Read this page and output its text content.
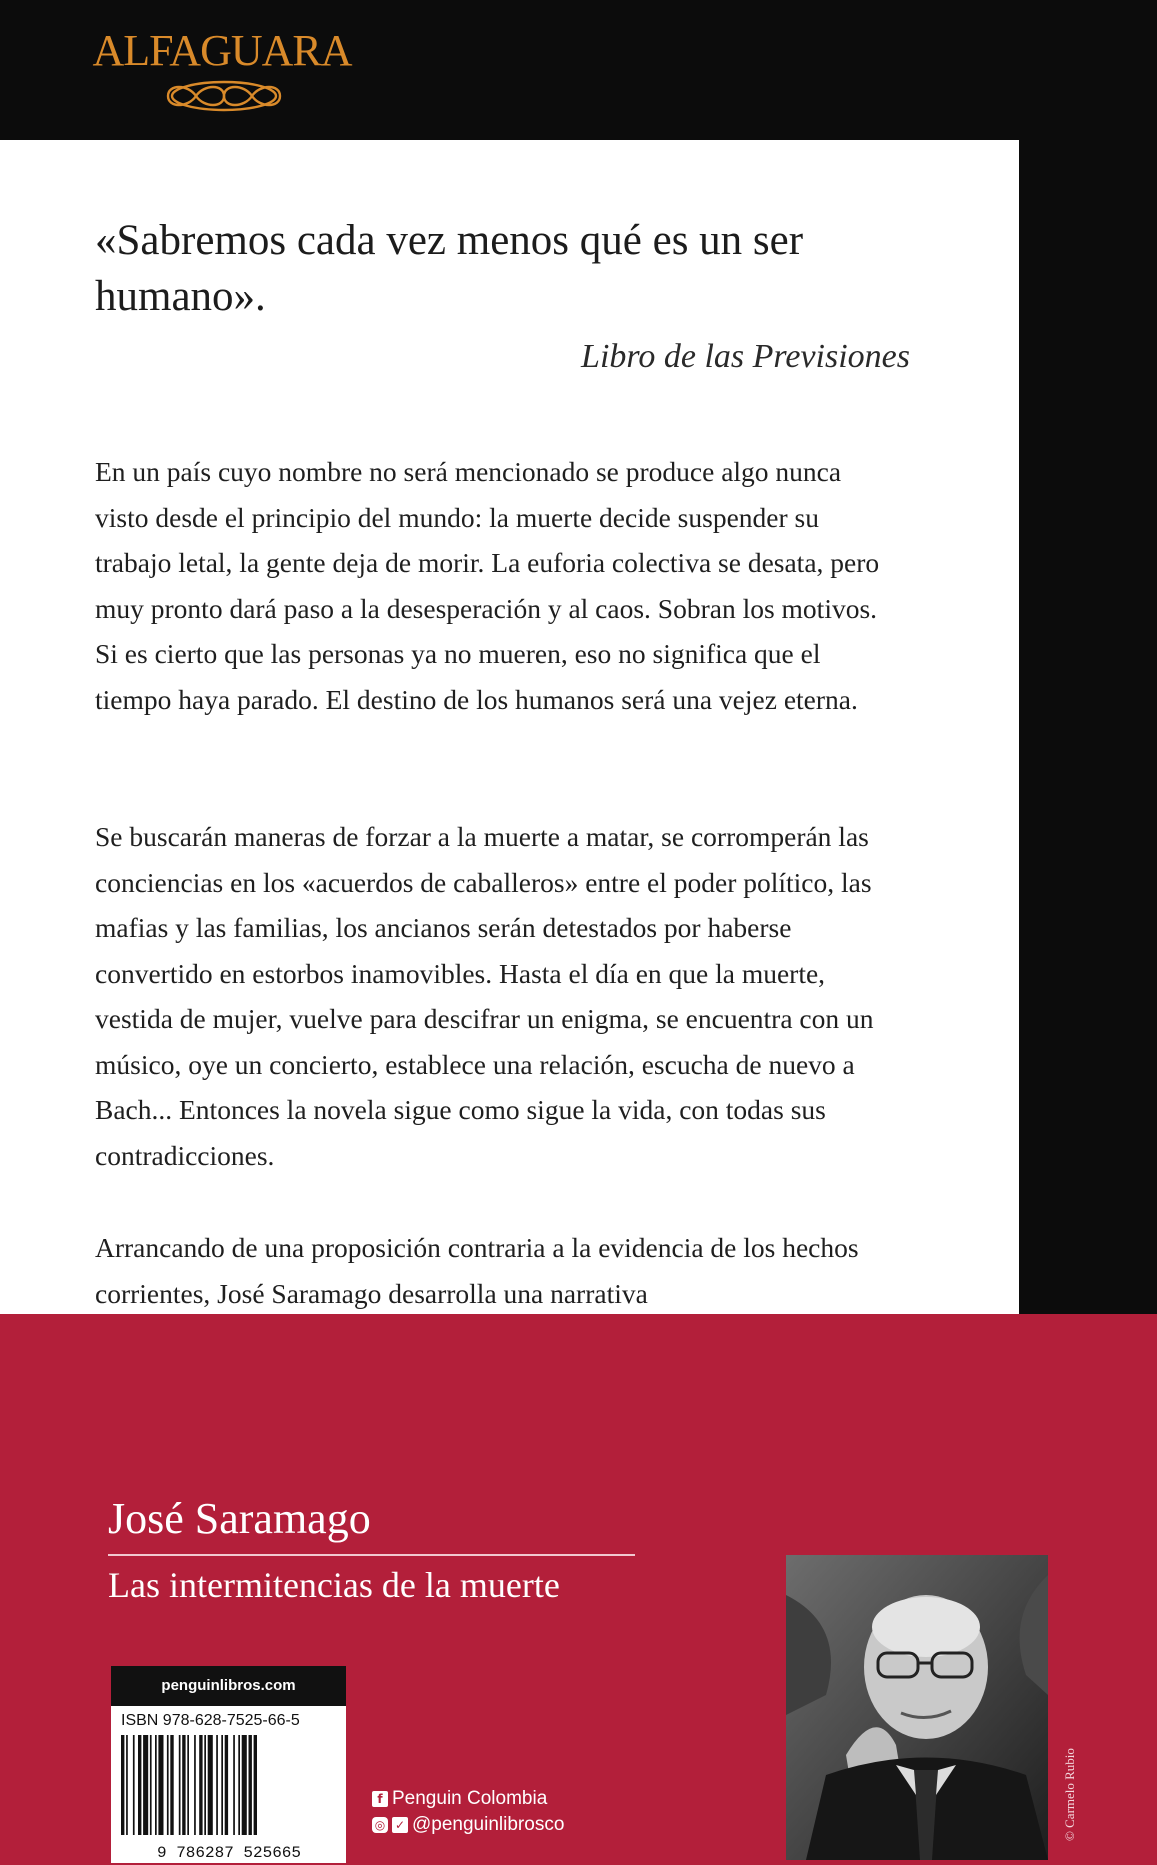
ALFAGUARA
«Sabremos cada vez menos qué es un ser humano».
Libro de las Previsiones

En un país cuyo nombre no será mencionado se produce algo nunca visto desde el principio del mundo: la muerte decide suspender su trabajo letal, la gente deja de morir. La euforia colectiva se desata, pero muy pronto dará paso a la desesperación y al caos. Sobran los motivos. Si es cierto que las personas ya no mueren, eso no significa que el tiempo haya parado. El destino de los humanos será una vejez eterna.

Se buscarán maneras de forzar a la muerte a matar, se corromperán las conciencias en los «acuerdos de caballeros» entre el poder político, las mafias y las familias, los ancianos serán detestados por haberse convertido en estorbos inamovibles. Hasta el día en que la muerte, vestida de mujer, vuelve para descifrar un enigma, se encuentra con un músico, oye un concierto, establece una relación, escucha de nuevo a Bach... Entonces la novela sigue como sigue la vida, con todas sus contradicciones.

Arrancando de una proposición contraria a la evidencia de los hechos corrientes, José Saramago desarrolla una narrativa

José Saramago
Las intermitencias de la muerte
© Carmelo Rubio
penguinlibros.com
ISBN 978-628-7525-66-5
9 786287 525665
f Penguin Colombia
◎ ✓ @penguinlibrosco
